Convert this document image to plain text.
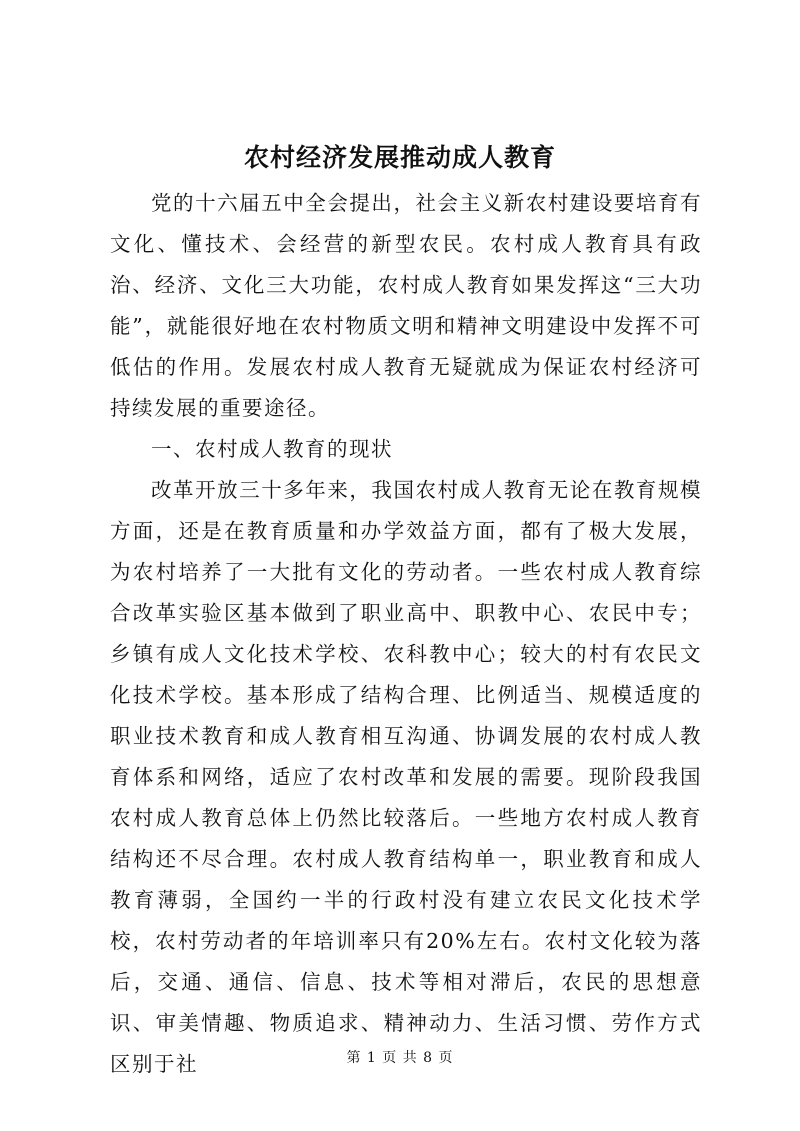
农村经济发展推动成人教育

党的十六届五中全会提出，社会主义新农村建设要培育有文化、懂技术、会经营的新型农民。农村成人教育具有政治、经济、文化三大功能，农村成人教育如果发挥这“三大功能”，就能很好地在农村物质文明和精神文明建设中发挥不可低估的作用。发展农村成人教育无疑就成为保证农村经济可持续发展的重要途径。

一、农村成人教育的现状

改革开放三十多年来，我国农村成人教育无论在教育规模方面，还是在教育质量和办学效益方面，都有了极大发展，为农村培养了一大批有文化的劳动者。一些农村成人教育综合改革实验区基本做到了职业高中、职教中心、农民中专；乡镇有成人文化技术学校、农科教中心；较大的村有农民文化技术学校。基本形成了结构合理、比例适当、规模适度的职业技术教育和成人教育相互沟通、协调发展的农村成人教育体系和网络，适应了农村改革和发展的需要。现阶段我国农村成人教育总体上仍然比较落后。一些地方农村成人教育结构还不尽合理。农村成人教育结构单一，职业教育和成人教育薄弱，全国约一半的行政村没有建立农民文化技术学校，农村劳动者的年培训率只有20%左右。农村文化较为落后，交通、通信、信息、技术等相对滞后，农民的思想意识、审美情趣、物质追求、精神动力、生活习惯、劳作方式区别于社	第 1 页 共 8 页
